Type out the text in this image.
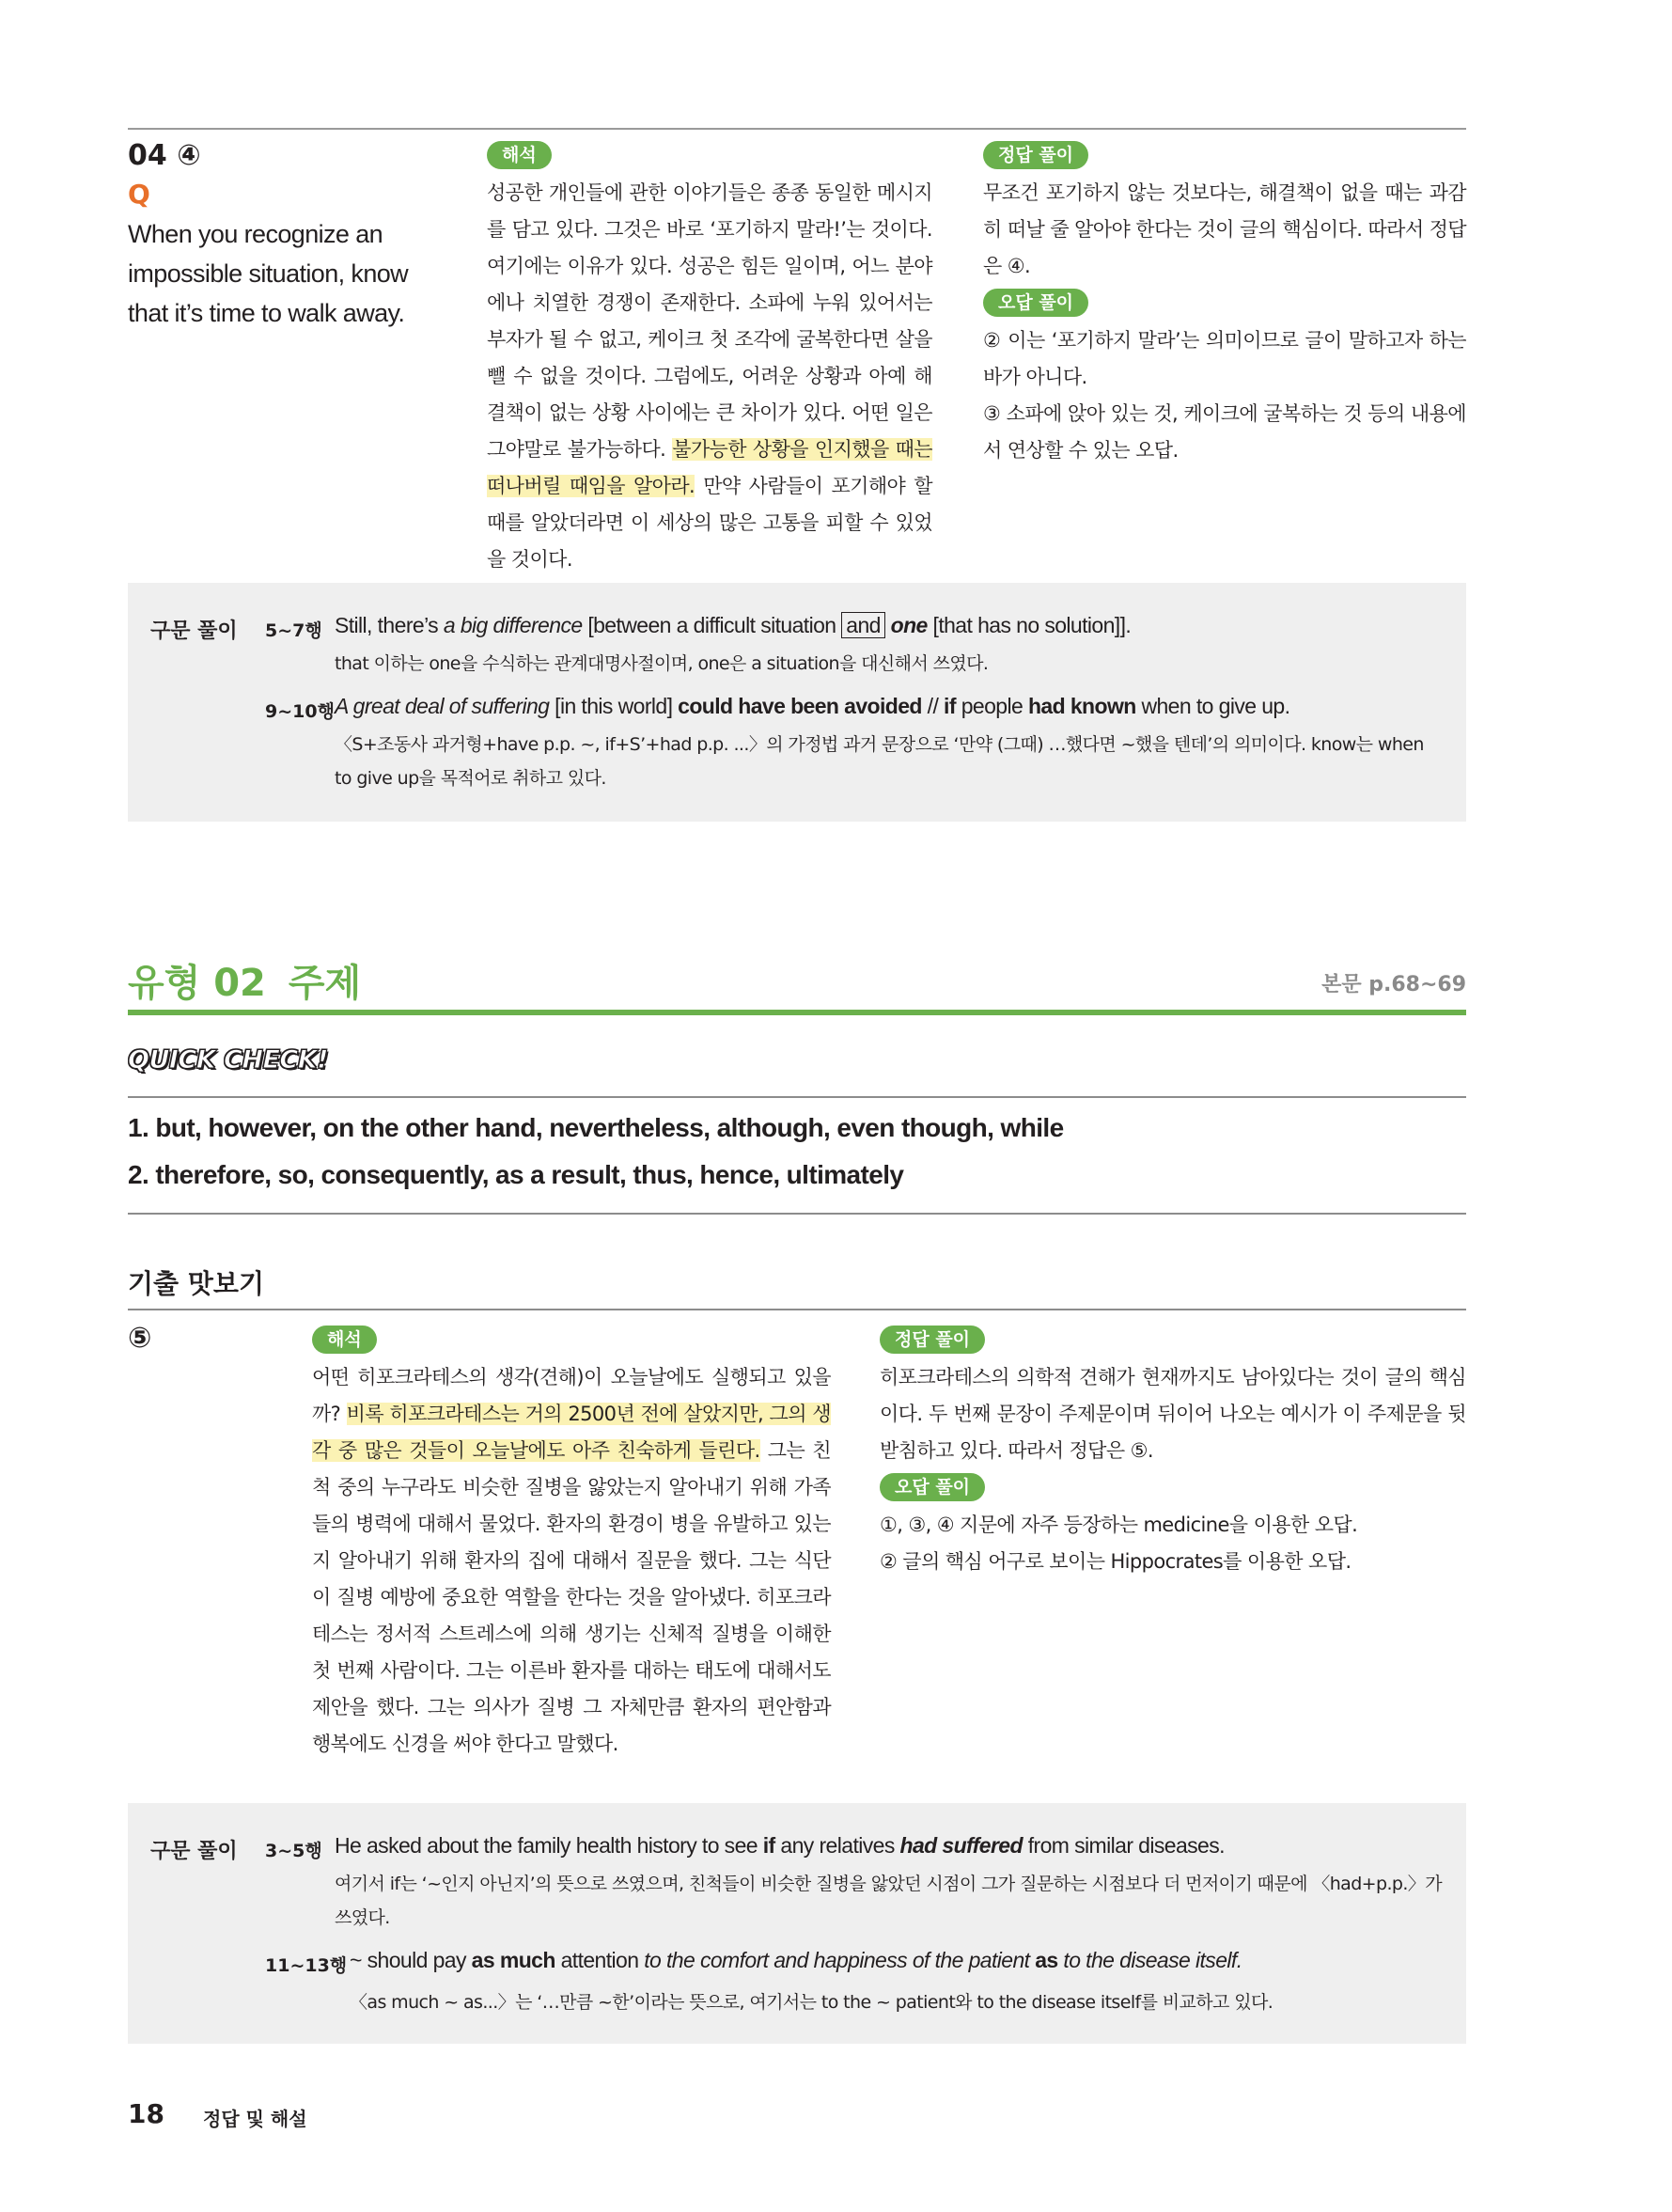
04 ④
Q
When you recognize an impossible situation, know that it’s time to walk away.
해석

성공한 개인들에 관한 이야기들은 종종 동일한 메시지를 담고 있다. 그것은 바로 ‘포기하지 말라!’는 것이다. 여기에는 이유가 있다. 성공은 힘든 일이며, 어느 분야에나 치열한 경쟁이 존재한다. 소파에 누워 있어서는 부자가 될 수 없고, 케이크 첫 조각에 굴복한다면 살을 뺄 수 없을 것이다. 그럼에도, 어려운 상황과 아예 해결책이 없는 상황 사이에는 큰 차이가 있다. 어떤 일은 그야말로 불가능하다. 불가능한 상황을 인지했을 때는 떠나버릴 때임을 알아라. 만약 사람들이 포기해야 할 때를 알았더라면 이 세상의 많은 고통을 피할 수 있었을 것이다.

정답 풀이

무조건 포기하지 않는 것보다는, 해결책이 없을 때는 과감히 떠날 줄 알아야 한다는 것이 글의 핵심이다. 따라서 정답은 ④.

오답 풀이

② 이는 ‘포기하지 말라’는 의미이므로 글이 말하고자 하는 바가 아니다.

③ 소파에 앉아 있는 것, 케이크에 굴복하는 것 등의 내용에서 연상할 수 있는 오답.

구문 풀이 5~7행 Still, there’s a big difference [between a difficult situation and one [that has no solution]].
that 이하는 one을 수식하는 관계대명사절이며, one은 a situation을 대신해서 쓰였다.
9~10행 A great deal of suffering [in this world] could have been avoided // if people had known when to give up.
〈S+조동사 과거형+have p.p. ~, if+S’+had p.p. ...〉의 가정법 과거 문장으로 ‘만약 (그때) …했다면 ~했을 텐데’의 의미이다. know는 when to give up을 목적어로 취하고 있다.
유형 02 주제	본문 p.68~69
QUICK CHECK!
1. but, however, on the other hand, nevertheless, although, even though, while
2. therefore, so, consequently, as a result, thus, hence, ultimately
기출 맛보기
⑤	해석

어떤 히포크라테스의 생각(견해)이 오늘날에도 실행되고 있을까? 비록 히포크라테스는 거의 2500년 전에 살았지만, 그의 생각 중 많은 것들이 오늘날에도 아주 친숙하게 들린다. 그는 친척 중의 누구라도 비슷한 질병을 앓았는지 알아내기 위해 가족들의 병력에 대해서 물었다. 환자의 환경이 병을 유발하고 있는지 알아내기 위해 환자의 집에 대해서 질문을 했다. 그는 식단이 질병 예방에 중요한 역할을 한다는 것을 알아냈다. 히포크라테스는 정서적 스트레스에 의해 생기는 신체적 질병을 이해한 첫 번째 사람이다. 그는 이른바 환자를 대하는 태도에 대해서도 제안을 했다. 그는 의사가 질병 그 자체만큼 환자의 편안함과 행복에도 신경을 써야 한다고 말했다.

정답 풀이

히포크라테스의 의학적 견해가 현재까지도 남아있다는 것이 글의 핵심이다. 두 번째 문장이 주제문이며 뒤이어 나오는 예시가 이 주제문을 뒷받침하고 있다. 따라서 정답은 ⑤.

오답 풀이

①, ③, ④ 지문에 자주 등장하는 medicine을 이용한 오답.

② 글의 핵심 어구로 보이는 Hippocrates를 이용한 오답.

구문 풀이 3~5행 He asked about the family health history to see if any relatives had suffered from similar diseases.
여기서 if는 ‘~인지 아닌지’의 뜻으로 쓰였으며, 친척들이 비슷한 질병을 앓았던 시점이 그가 질문하는 시점보다 더 먼저이기 때문에 〈had+p.p.〉가 쓰였다.
11~13행 ~ should pay as much attention to the comfort and happiness of the patient as to the disease itself.
〈as much ~ as...〉는 ‘…만큼 ~한’이라는 뜻으로, 여기서는 to the ~ patient와 to the disease itself를 비교하고 있다.
18 정답 및 해설
